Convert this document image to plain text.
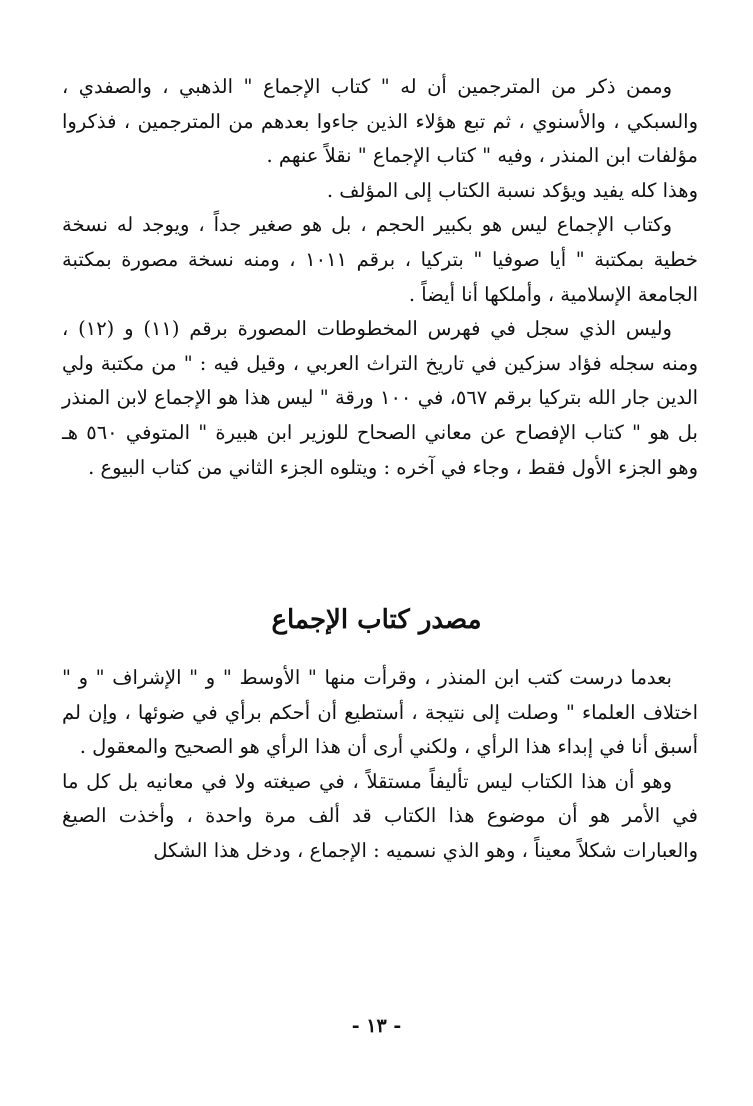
وممن ذكر من المترجمين أن له " كتاب الإجماع " الذهبي ، والصفدي ، والسبكي ، والأسنوي ، ثم تبع هؤلاء الذين جاءوا بعدهم من المترجمين ، فذكروا مؤلفات ابن المنذر ، وفيه " كتاب الإجماع " نقلاً عنهم .

وهذا كله يفيد ويؤكد نسبة الكتاب إلى المؤلف .

وكتاب الإجماع ليس هو بكبير الحجم ، بل هو صغير جداً ، ويوجد له نسخة خطية بمكتبة " أيا صوفيا " بتركيا ، برقم ١٠١١ ، ومنه نسخة مصورة بمكتبة الجامعة الإسلامية ، وأملكها أنا أيضاً .

وليس الذي سجل في فهرس المخطوطات المصورة برقم (١١) و (١٢) ، ومنه سجله فؤاد سزكين في تاريخ التراث العربي ، وقيل فيه : " من مكتبة ولي الدين جار الله بتركيا برقم ٥٦٧، في ١٠٠ ورقة " ليس هذا هو الإجماع لابن المنذر بل هو " كتاب الإفصاح عن معاني الصحاح للوزير ابن هبيرة " المتوفي ٥٦٠ هـ وهو الجزء الأول فقط ، وجاء في آخره : ويتلوه الجزء الثاني من كتاب البيوع .

مصدر كتاب الإجماع

بعدما درست كتب ابن المنذر ، وقرأت منها " الأوسط " و " الإشراف " و " اختلاف العلماء " وصلت إلى نتيجة ، أستطيع أن أحكم برأي في ضوئها ، وإن لم أسبق أنا في إبداء هذا الرأي ، ولكني أرى أن هذا الرأي هو الصحيح والمعقول .

وهو أن هذا الكتاب ليس تأليفاً مستقلاً ، في صيغته ولا في معانيه بل كل ما في الأمر هو أن موضوع هذا الكتاب قد ألف مرة واحدة ، وأخذت الصيغ والعبارات شكلاً معيناً ، وهو الذي نسميه : الإجماع ، ودخل هذا الشكل

- ١٣ -
